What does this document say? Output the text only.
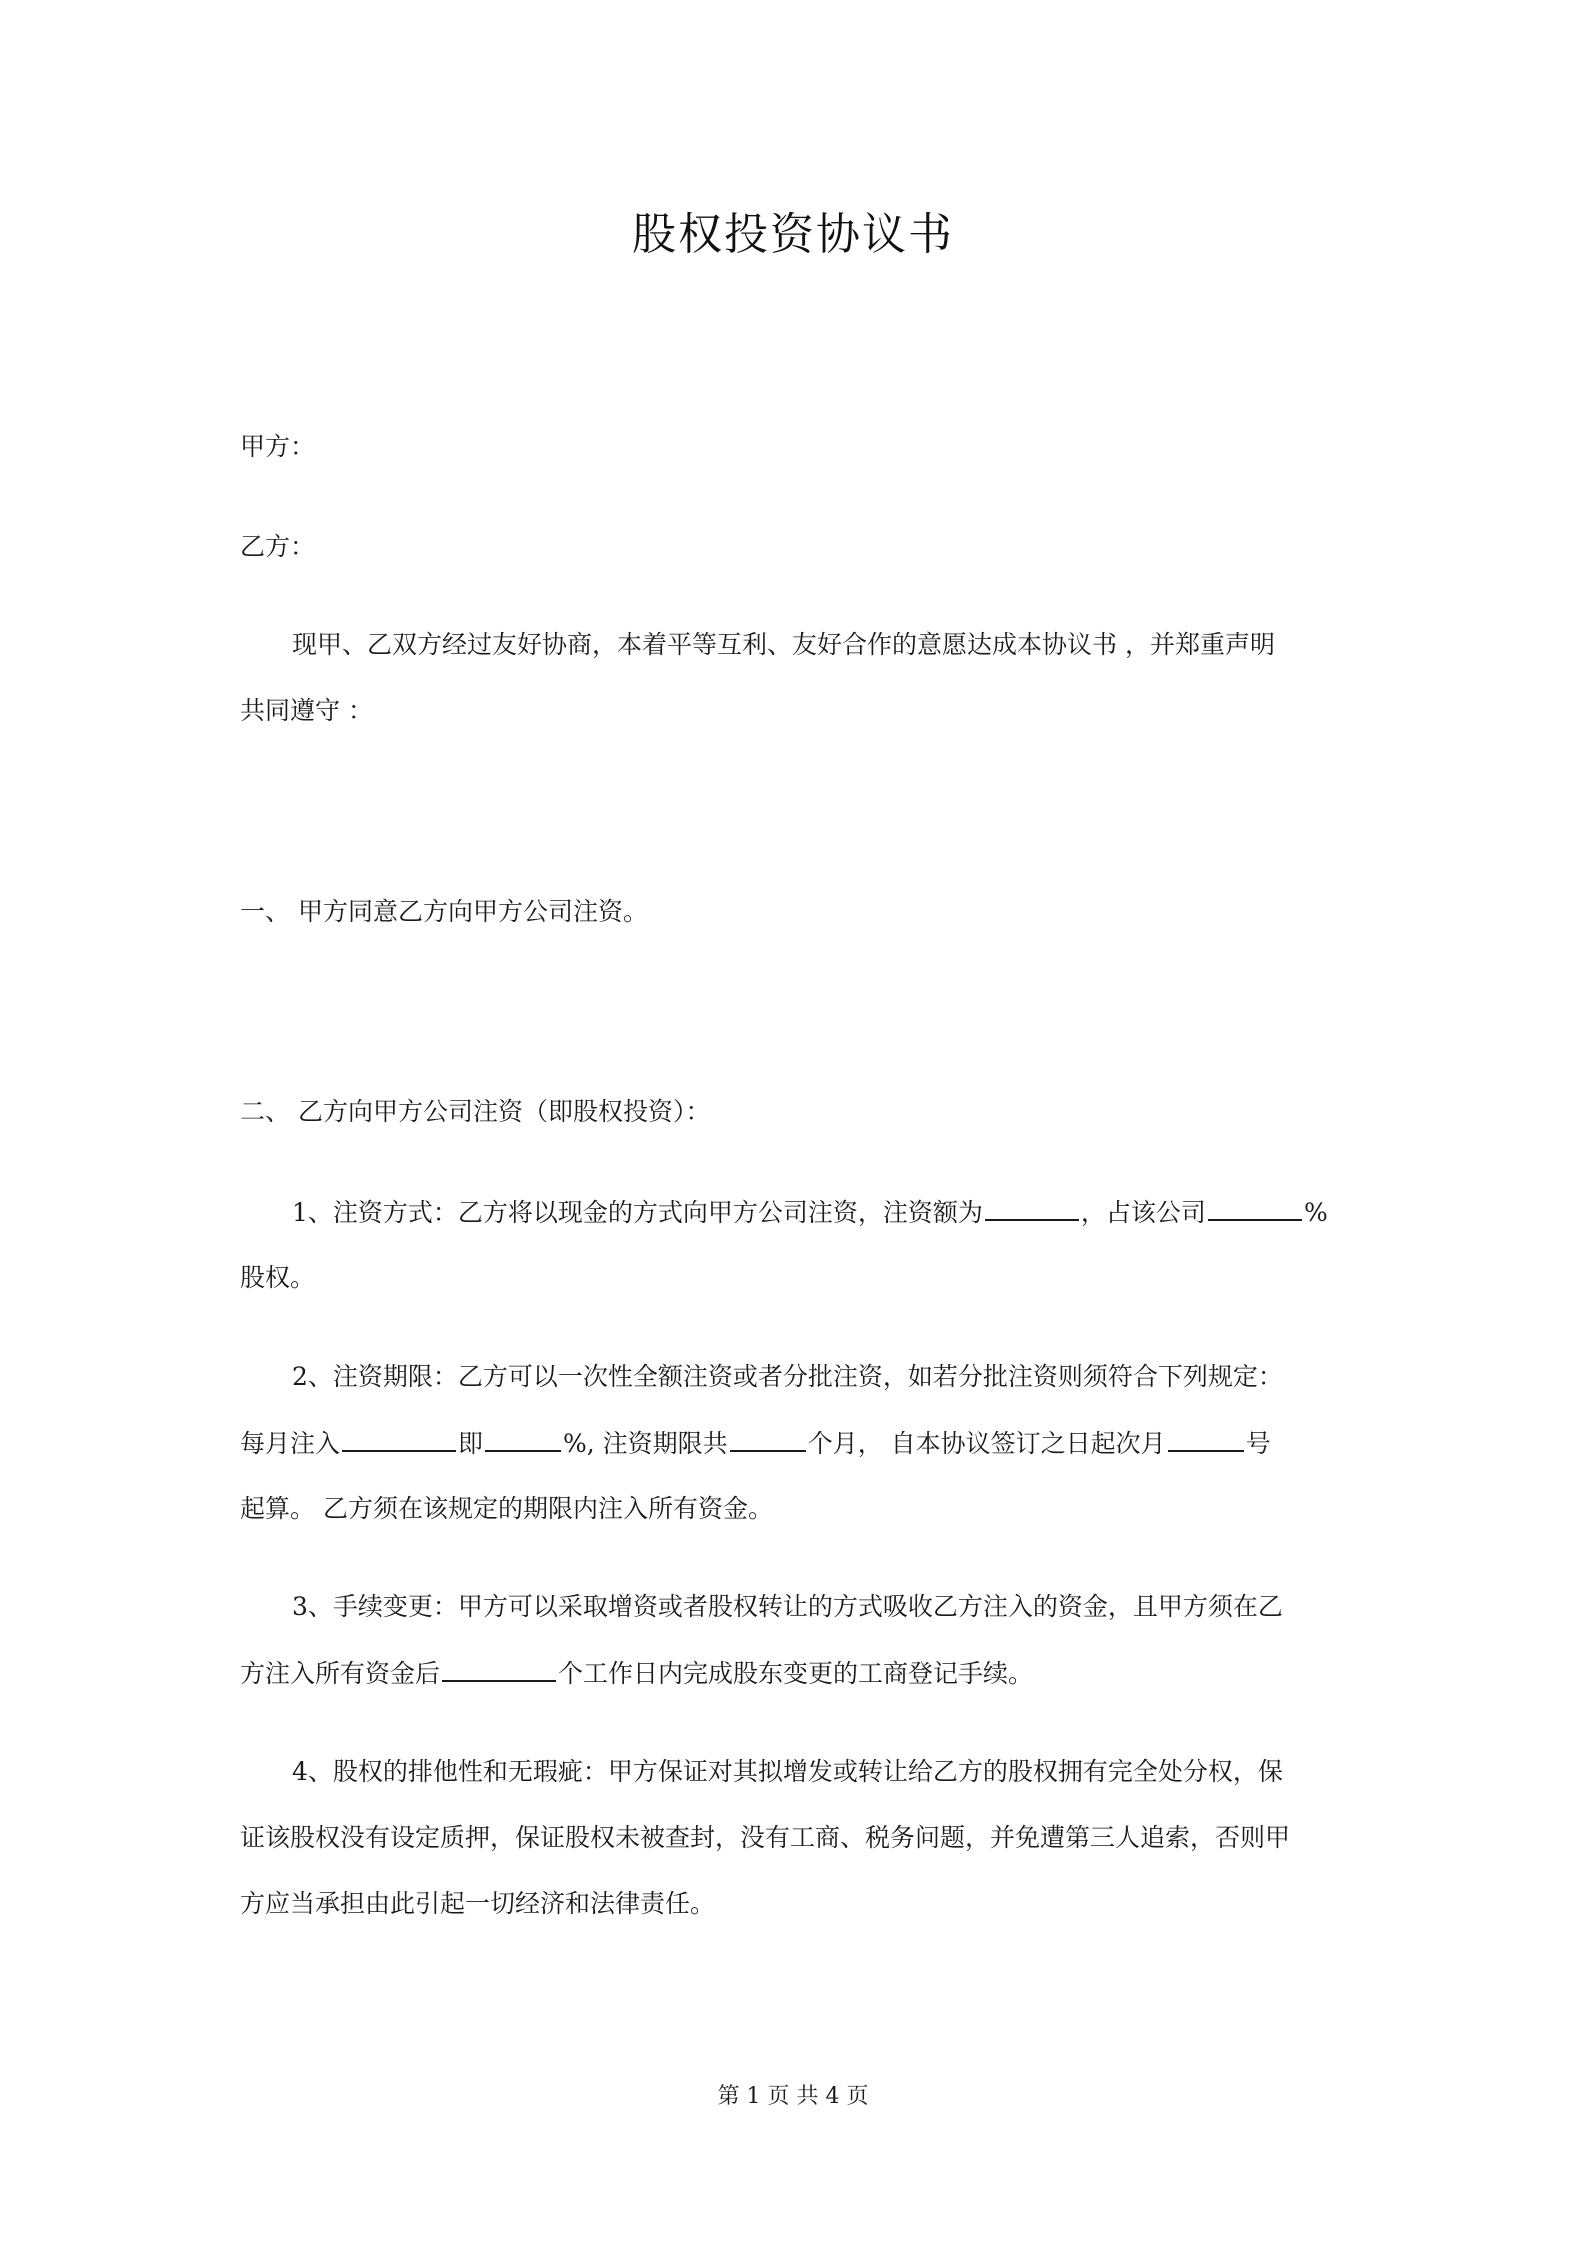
股权投资协议书
甲方：
乙方：
现甲、乙双方经过友好协商，本着平等互利、友好合作的意愿达成本协议书 ，并郑重声明
共同遵守 ：
一、 甲方同意乙方向甲方公司注资。
二、 乙方向甲方公司注资（即股权投资）：
1、注资方式：乙方将以现金的方式向甲方公司注资，注资额为	，占该公司	%
股权。
2、注资期限：乙方可以一次性全额注资或者分批注资，如若分批注资则须符合下列规定：
每月注入	即	%, 注资期限共	个月， 自本协议签订之日起次月	号
起算。 乙方须在该规定的期限内注入所有资金。
3、手续变更：甲方可以采取增资或者股权转让的方式吸收乙方注入的资金，且甲方须在乙
方注入所有资金后	个工作日内完成股东变更的工商登记手续。
4、股权的排他性和无瑕疵：甲方保证对其拟增发或转让给乙方的股权拥有完全处分权，保
证该股权没有设定质押，保证股权未被查封，没有工商、税务问题，并免遭第三人追索，否则甲
方应当承担由此引起一切经济和法律责任。
第 1 页 共 4 页
